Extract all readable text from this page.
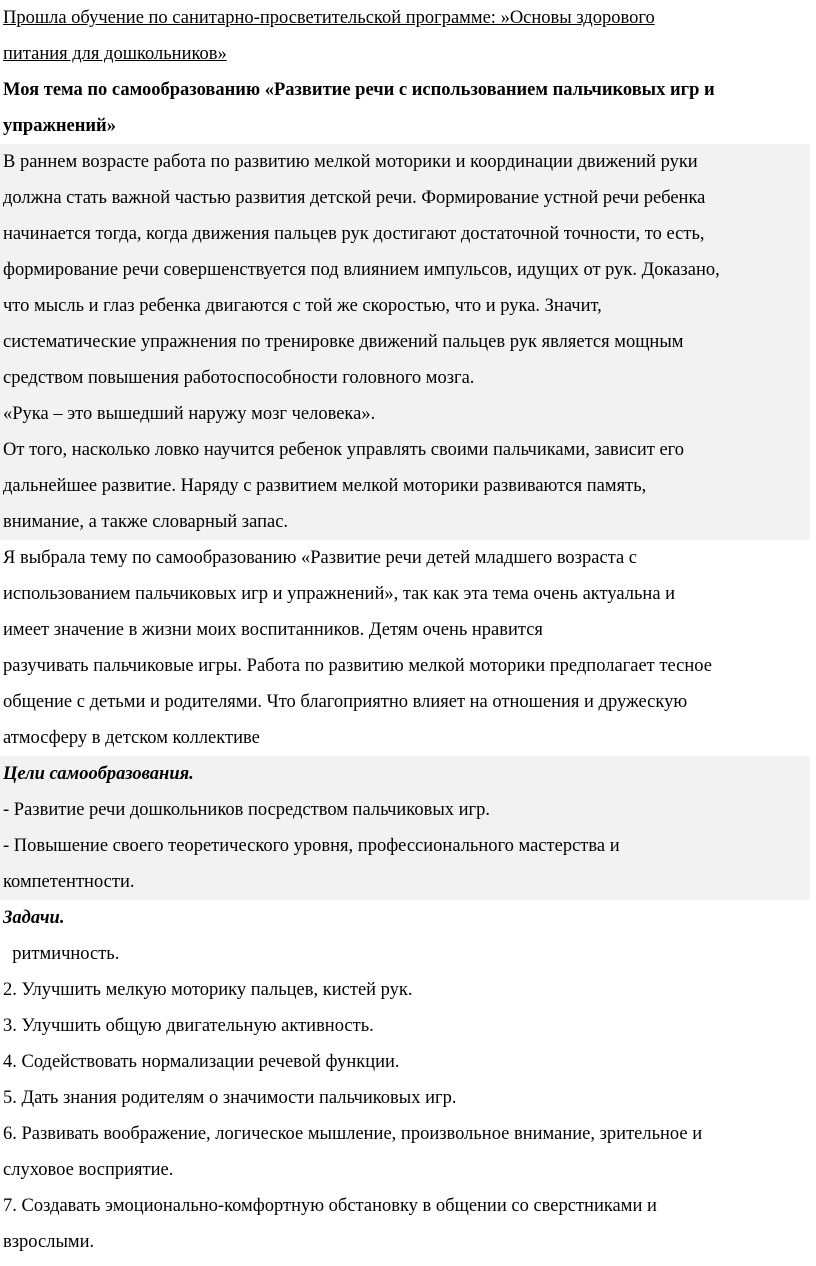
Прошла обучение по санитарно-просветительской программе: »Основы здорового
питания для дошкольников»
Моя тема по самообразованию «Развитие речи с использованием пальчиковых игр и
упражнений»
В раннем возрасте работа по развитию мелкой моторики и координации движений руки
должна стать важной частью развития детской речи. Формирование устной речи ребенка
начинается тогда, когда движения пальцев рук достигают достаточной точности, то есть,
формирование речи совершенствуется под влиянием импульсов, идущих от рук. Доказано,
что мысль и глаз ребенка двигаются с той же скоростью, что и рука. Значит,
систематические упражнения по тренировке движений пальцев рук является мощным
средством повышения работоспособности головного мозга.
«Рука – это вышедший наружу мозг человека».
От того, насколько ловко научится ребенок управлять своими пальчиками, зависит его
дальнейшее развитие. Наряду с развитием мелкой моторики развиваются память,
внимание, а также словарный запас.
Я выбрала тему по самообразованию «Развитие речи детей младшего возраста с
использованием пальчиковых игр и упражнений», так как эта тема очень актуальна и
имеет значение в жизни моих воспитанников. Детям очень нравится
разучивать пальчиковые игры. Работа по развитию мелкой моторики предполагает тесное
общение с детьми и родителями. Что благоприятно влияет на отношения и дружескую
атмосферу в детском коллективе
Цели самообразования.
- Развитие речи дошкольников посредством пальчиковых игр.
- Повышение своего теоретического уровня, профессионального мастерства и
компетентности.
Задачи.
ритмичность.
2. Улучшить мелкую моторику пальцев, кистей рук.
3. Улучшить общую двигательную активность.
4. Содействовать нормализации речевой функции.
5. Дать знания родителям о значимости пальчиковых игр.
6. Развивать воображение, логическое мышление, произвольное внимание, зрительное и
слуховое восприятие.
7. Создавать эмоционально-комфортную обстановку в общении со сверстниками и
взрослыми.
